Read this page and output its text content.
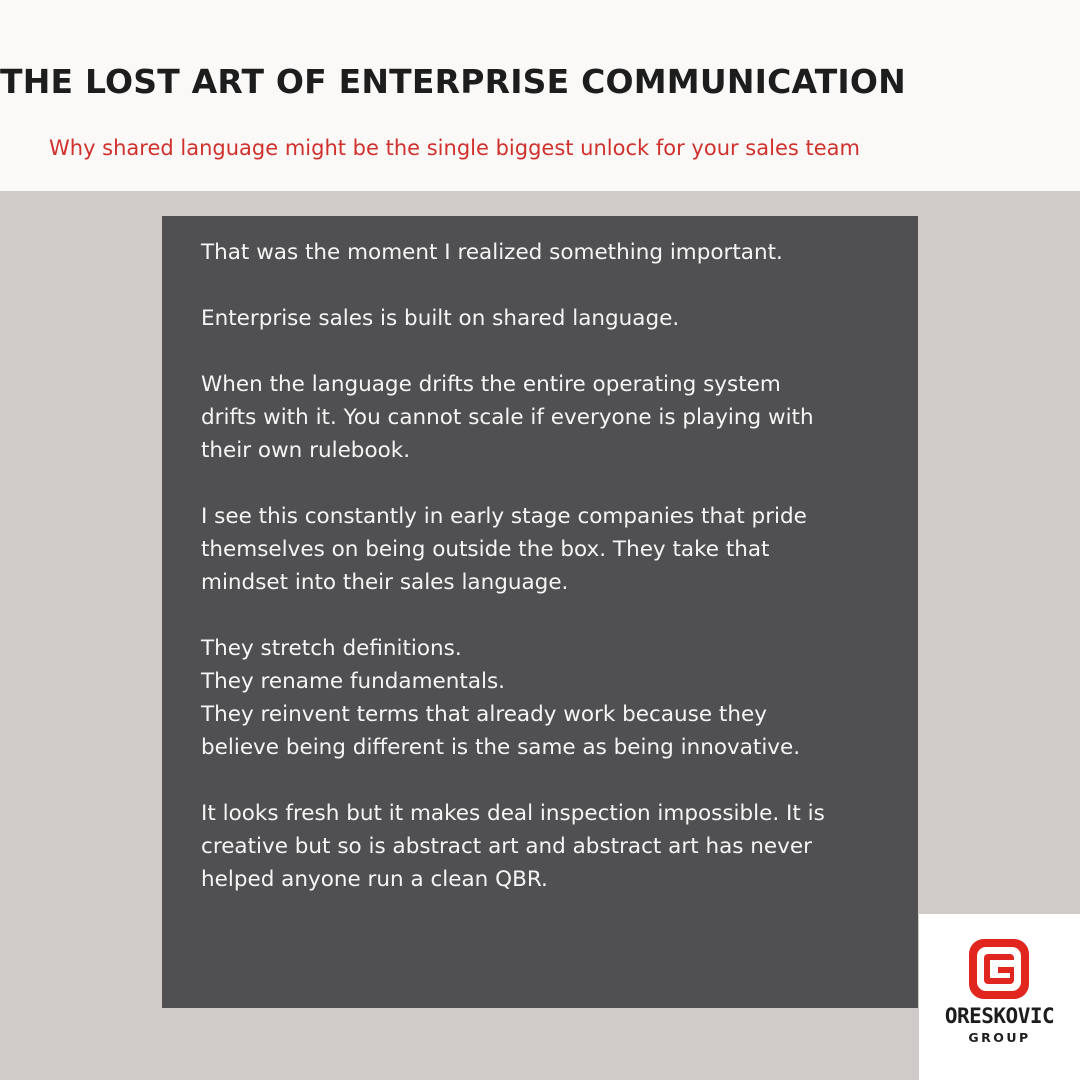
THE LOST ART OF ENTERPRISE COMMUNICATION

Why shared language might be the single biggest unlock for your sales team

That was the moment I realized something important.

Enterprise sales is built on shared language.

When the language drifts the entire operating system
drifts with it. You cannot scale if everyone is playing with
their own rulebook.

I see this constantly in early stage companies that pride
themselves on being outside the box. They take that
mindset into their sales language.

They stretch definitions.
They rename fundamentals.
They reinvent terms that already work because they
believe being different is the same as being innovative.

It looks fresh but it makes deal inspection impossible. It is
creative but so is abstract art and abstract art has never
helped anyone run a clean QBR.

ORESKOVIC
GROUP
